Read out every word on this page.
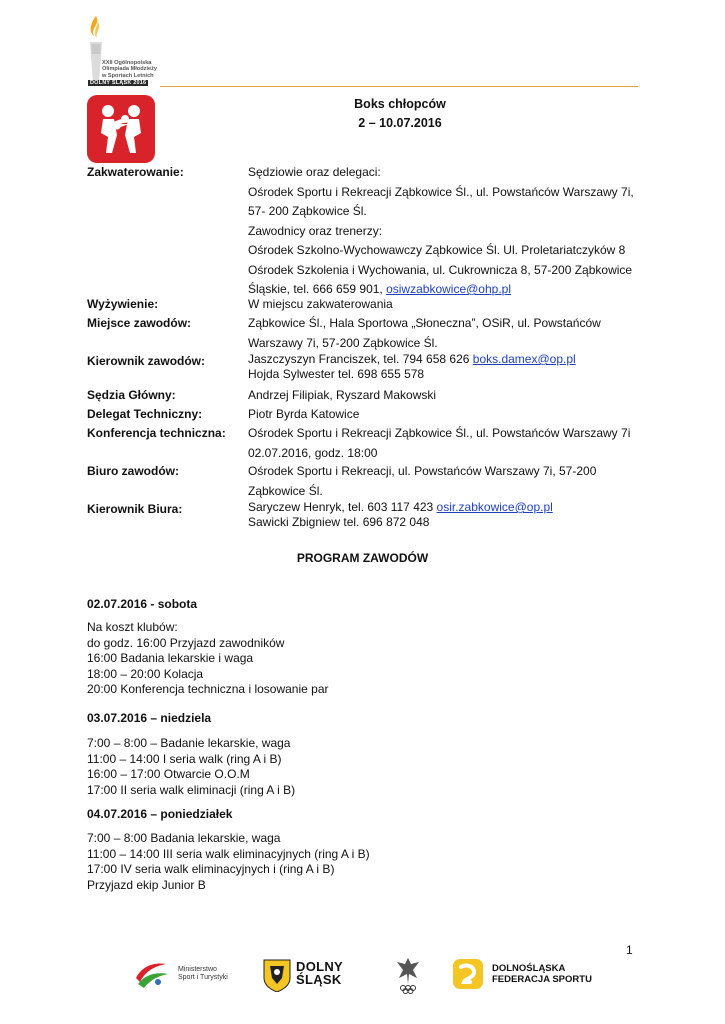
XXII Ogólnopolska
Olimpiada Młodzieży
w Sportach Letnich
DOLNY ŚLĄSK 2016
Boks chłopców
2 – 10.07.2016
Zakwaterowanie:	Sędziowie oraz delegaci:
Ośrodek Sportu i Rekreacji Ząbkowice Śl., ul. Powstańców Warszawy 7i,
57- 200 Ząbkowice Śl.
Zawodnicy oraz trenerzy:
Ośrodek Szkolno-Wychowawczy Ząbkowice Śl. Ul. Proletariatczyków 8
Ośrodek Szkolenia i Wychowania, ul. Cukrownicza 8, 57-200 Ząbkowice
Śląskie, tel. 666 659 901, osiwzabkowice@ohp.pl
Wyżywienie:	W miejscu zakwaterowania
Miejsce zawodów:	Ząbkowice Śl., Hala Sportowa „Słoneczna”, OSiR, ul. Powstańców
Warszawy 7i, 57-200 Ząbkowice Śl.
Kierownik zawodów:	Jaszczyszyn Franciszek, tel. 794 658 626 boks.damex@op.pl
Hojda Sylwester tel. 698 655 578
Sędzia Główny:	Andrzej Filipiak, Ryszard Makowski
Delegat Techniczny:	Piotr Byrda Katowice
Konferencja techniczna: Ośrodek Sportu i Rekreacji Ząbkowice Śl., ul. Powstańców Warszawy 7i
02.07.2016, godz. 18:00
Biuro zawodów:	Ośrodek Sportu i Rekreacji, ul. Powstańców Warszawy 7i, 57-200
Ząbkowice Śl.
Kierownik Biura:	Saryczew Henryk, tel. 603 117 423 osir.zabkowice@op.pl
Sawicki Zbigniew tel. 696 872 048
PROGRAM ZAWODÓW
02.07.2016 - sobota
Na koszt klubów:
do godz. 16:00 Przyjazd zawodników
16:00 Badania lekarskie i waga
18:00 – 20:00 Kolacja
20:00 Konferencja techniczna i losowanie par
03.07.2016 – niedziela
7:00 – 8:00 – Badanie lekarskie, waga
11:00 – 14:00 I seria walk (ring A i B)
16:00 – 17:00 Otwarcie O.O.M
17:00 II seria walk eliminacji (ring A i B)
04.07.2016 – poniedziałek
7:00 – 8:00 Badania lekarskie, waga
11:00 – 14:00 III seria walk eliminacyjnych (ring A i B)
17:00 IV seria walk eliminacyjnych i (ring A i B)
Przyjazd ekip Junior B
1
Ministerstwo
Sport i Turystyki
DOLNY
ŚLĄSK
DOLNOŚLĄSKA
FEDERACJA SPORTU
